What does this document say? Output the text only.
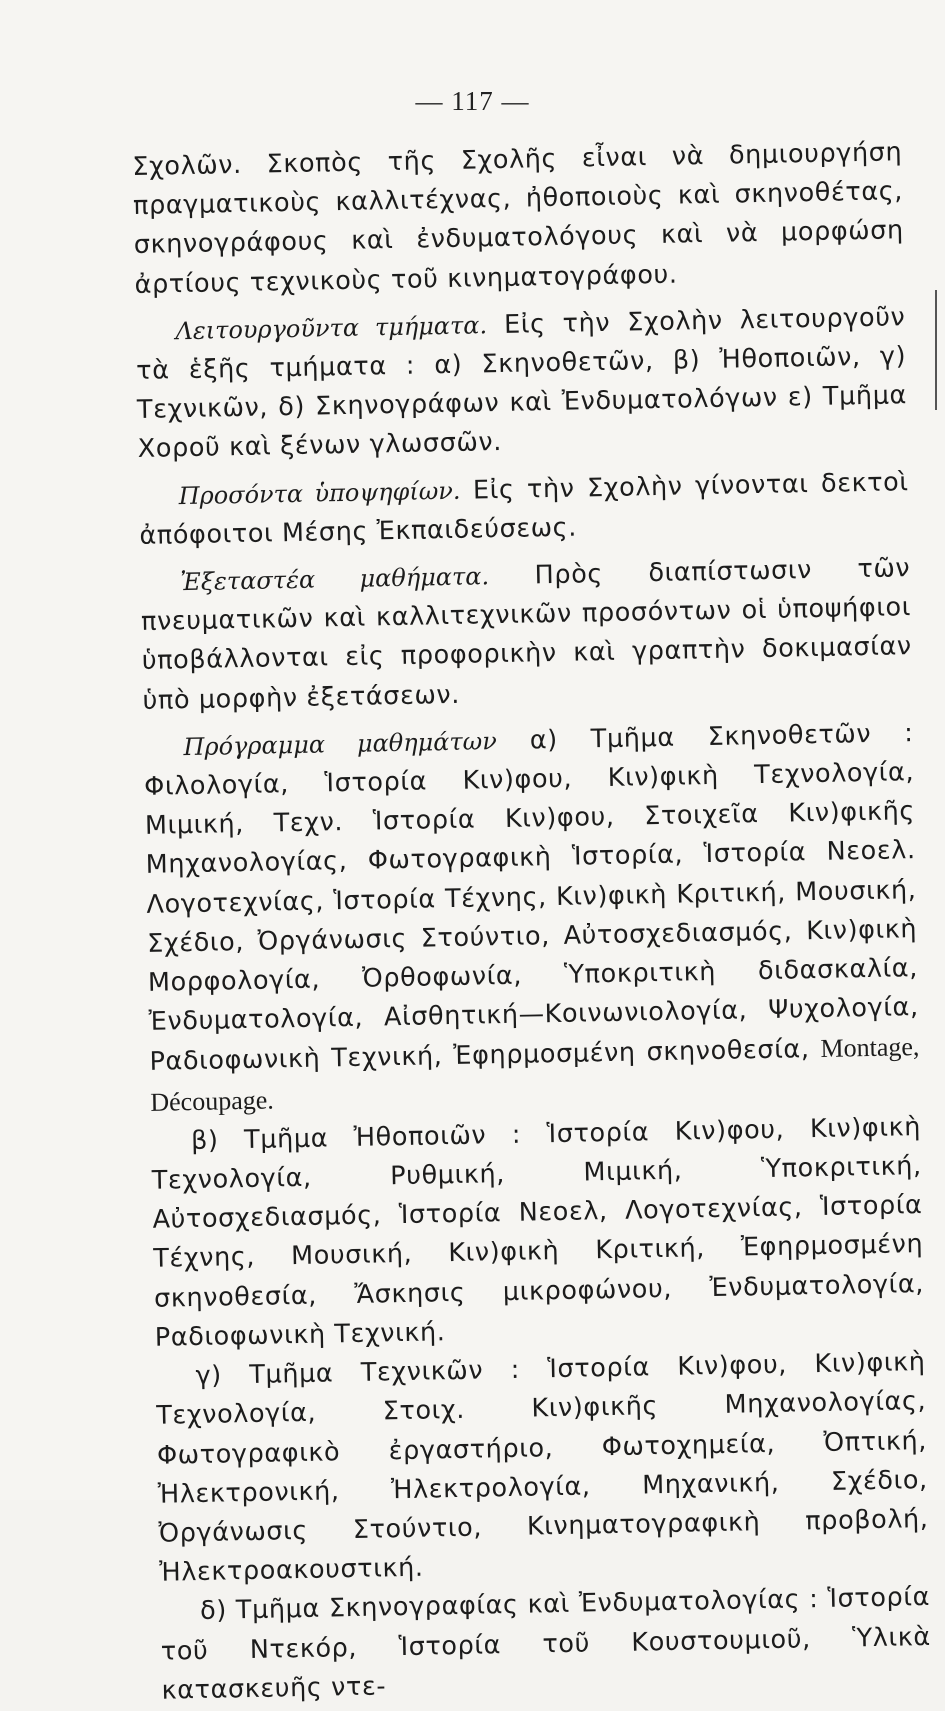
— 117 —

Σχολῶν. Σκοπὸς τῆς Σχολῆς εἶναι νὰ δημιουργήση πραγματικοὺς καλλιτέχνας, ἠθοποιοὺς καὶ σκηνοθέτας, σκηνογράφους καὶ ἐνδυματολόγους καὶ νὰ μορφώση ἀρτίους τεχνικοὺς τοῦ κινηματογράφου.

Λειτουργοῦντα τμήματα. Εἰς τὴν Σχολὴν λειτουργοῦν τὰ ἑξῆς τμήματα : α) Σκηνοθετῶν, β) Ἠθοποιῶν, γ) Τεχνικῶν, δ) Σκηνογράφων καὶ Ἐνδυματολόγων ε) Τμῆμα Χοροῦ καὶ ξένων γλωσσῶν.

Προσόντα ὑποψηφίων. Εἰς τὴν Σχολὴν γίνονται δεκτοὶ ἀπόφοιτοι Μέσης Ἐκπαιδεύσεως.

Ἐξεταστέα μαθήματα. Πρὸς διαπίστωσιν τῶν πνευματικῶν καὶ καλλιτεχνικῶν προσόντων οἱ ὑποψήφιοι ὑποβάλλονται εἰς προφορικὴν καὶ γραπτὴν δοκιμασίαν ὑπὸ μορφὴν ἐξετάσεων.

Πρόγραμμα μαθημάτων α) Τμῆμα Σκηνοθετῶν : Φιλολογία, Ἱστορία Κιν)φου, Κιν)φικὴ Τεχνολογία, Μιμική, Τεχν. Ἱστορία Κιν)φου, Στοιχεῖα Κιν)φικῆς Μηχανολογίας, Φωτογραφικὴ Ἱστορία, Ἱστορία Νεοελ. Λογοτεχνίας, Ἱστορία Τέχνης, Κιν)φικὴ Κριτική, Μουσική, Σχέδιο, Ὀργάνωσις Στούντιο, Αὐτοσχεδιασμός, Κιν)φικὴ Μορφολογία, Ὀρθοφωνία, Ὑποκριτικὴ διδασκαλία, Ἐνδυματολογία, Αἰσθητική—Κοινωνιολογία, Ψυχολογία, Ραδιοφωνικὴ Τεχνική, Ἐφηρμοσμένη σκηνοθεσία, Montage, Découpage.

β) Τμῆμα Ἠθοποιῶν : Ἱστορία Κιν)φου, Κιν)φικὴ Τεχνολογία, Ρυθμική, Μιμική, Ὑποκριτική, Αὐτοσχεδιασμός, Ἱστορία Νεοελ, Λογοτεχνίας, Ἱστορία Τέχνης, Μουσική, Κιν)φικὴ Κριτική, Ἐφηρμοσμένη σκηνοθεσία, Ἄσκησις μικροφώνου, Ἐνδυματολογία, Ραδιοφωνικὴ Τεχνική.

γ) Τμῆμα Τεχνικῶν : Ἱστορία Κιν)φου, Κιν)φικὴ Τεχνολογία, Στοιχ. Κιν)φικῆς Μηχανολογίας, Φωτογραφικὸ ἐργαστήριο, Φωτοχημεία, Ὀπτική, Ἠλεκτρονική, Ἠλεκτρολογία, Μηχανική, Σχέδιο, Ὀργάνωσις Στούντιο, Κινηματογραφικὴ προβολή, Ἠλεκτροακουστική.

δ) Τμῆμα Σκηνογραφίας καὶ Ἐνδυματολογίας : Ἱστορία τοῦ Ντεκόρ, Ἱστορία τοῦ Κουστουμιοῦ, Ὑλικὰ κατασκευῆς ντε-
